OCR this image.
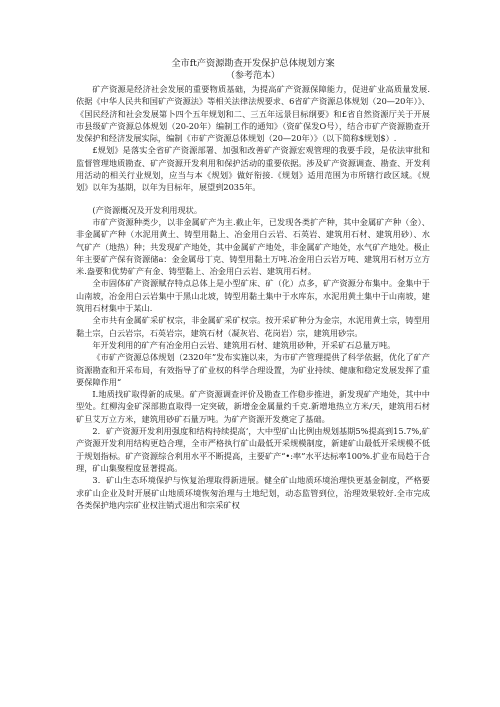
全市ft产资源勘查开发保护总体规划方案

（参考范本）

矿产资源是经济社会发展的重要物质基础，为提高矿产资源保障能力，促进矿业高质量发展. 依据《中华人民共和国矿产资源法》等相关法律法规要求、6省矿产资源总体规划（20—20年）》、《国民经济和社会发展第卜四个五年规划和二、三五年远景目标纲要》和£省自然资源厅关于开展市县级矿产资源总体规划（20-20年）编制工作的通知》（资矿保发O号），结合市矿产资源勘查开发保护和经济发展实际，编制《市矿产资源总体规划（20—20年）》（以下简称$规划$）.

£规划》是落实全省矿产资源部署、加强和改善矿产资源宏观管理的我要手段，是依法审批和监督管理地质勘查、矿产资源开发利用和保护活动的重要依据。涉及矿产资源调查、勘查、开发利用活动的相关行业规划，应当与本《规划》做好衔接.《规划》适用范围为市所辖行政区域。《规划》以年为基期，以年为目标年，展望到2035年。

(产资源概况及开发利用现状。

市矿产资源种类少，以非金属矿产为主.截止年，已发现各类扩产种，其中金属矿产种（金）、非金属矿产种（水泥用黄土、铸型用黏上、冶金用白云岩、石英岩、建筑用石材、建筑用砂）、水气矿产（地热）种；共发现矿产地处，其中金属矿产地处，非金属矿产地处，水气矿产地处。极止年主要矿产保有资源储a：金金属母丁克、铸型用黏土万吨.冶金用白云岩万吨、建筑用石材万立方米.盎要和优势矿产有金、铸型黏上、冶金用白云岩、建筑用石材。

全市固体矿产资源赋存特点总体上是小型矿床、矿（化）点多，矿产资源分布集中。金集中于山南坡，冶金用白云岩集中于黑山北坡，铸型用黏土集中于水库东，水泥用黄土集中于山南坡，建筑用石材集中于某山.

全市共有金属矿采矿权宗，非金属矿采矿权宗。按开采矿种分为金宗，水泥用黄土宗，铸型用黏土宗，白云岩宗，石英岩宗，建筑石材（凝灰岩、花岗岩）宗，建筑用砂宗。

年开发利用的矿产有冶金用白云岩、建筑用石材、建筑用砂种，开采矿石总量万吨。

《市矿产资源总体规划（2320年”发布实施以来，为市矿产管理提供了科学依据，优化了矿产资源勘查和开采布局，有效指导了矿业权的科学合理设置，为矿业持续、健康和稳定发展发挥了重要保障作用“

I.地质找矿取得新的成果。矿产资源调查评价及勘查工作稳步推进，新发现矿产地处，其中中型处。红柳沟金矿深部勘直取得一定突破，新增金金属量约千克.新增地热立方米/天，建筑用石材矿旦艾万立方米，建筑用砂矿石量万吨。为矿产资源开发奠定了基础。

2．矿产资源开发利用强度和结构持续提高‘，大中型矿山比例由规划基期5%提高到15.7%,矿产资源开发利用结构更趋合理，全市严格执行矿山最低开采规模制度，新建矿山最低开采规模不低于规划指标。矿产资源综合利用水平不断提高，主要矿产“•:率”水平达标率100%.扩业布局趋于合理，矿山集聚程度显著提高。

3．矿山生态环境保护与恢复治理取得新进展。健全矿山地质环境治理快更基金制度，严格要求矿山企业及时开展矿山地质环境恢匆治理与土地纪划，动态监管到位，治理效果较好.全市完成各类保护地内宗矿业权注销式退出和宗采矿权
